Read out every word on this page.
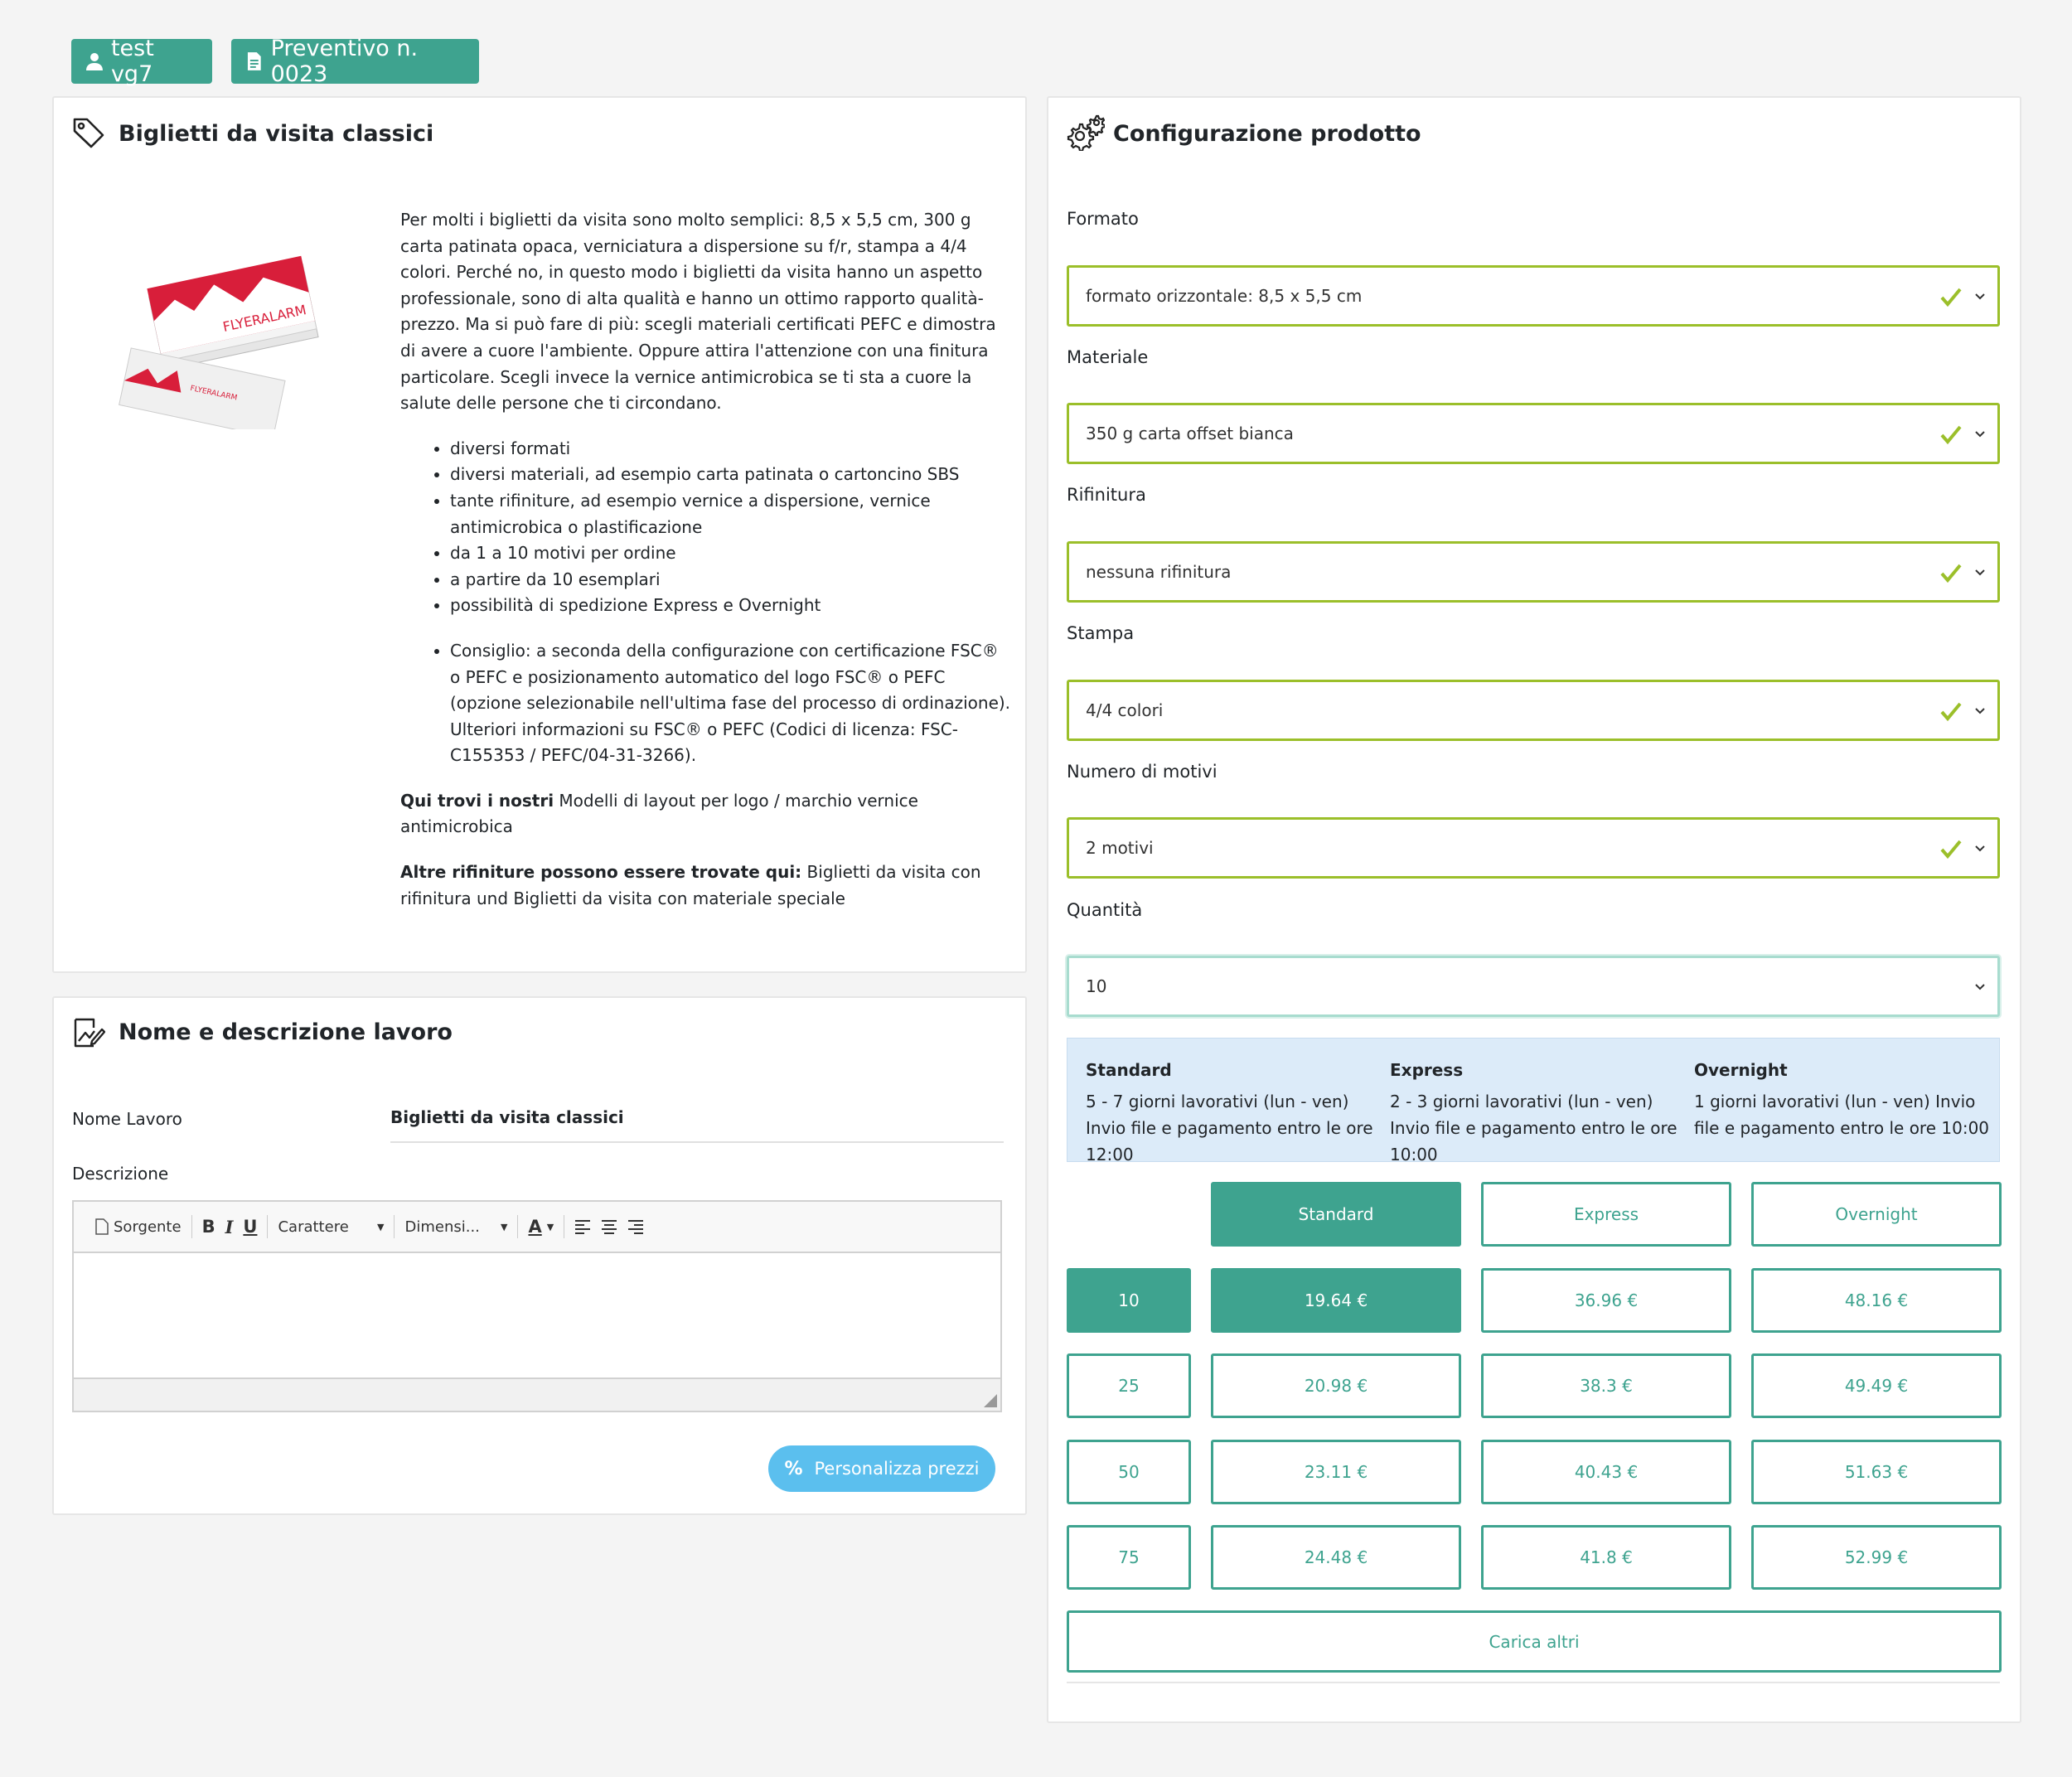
test vg7
Preventivo n. 0023
Biglietti da visita classici
FLYERALARM
FLYERALARM

Per molti i biglietti da visita sono molto semplici: 8,5 x 5,5 cm, 300 g carta patinata opaca, verniciatura a dispersione su f/r, stampa a 4/4 colori. Perché no, in questo modo i biglietti da visita hanno un aspetto professionale, sono di alta qualità e hanno un ottimo rapporto qualità-prezzo. Ma si può fare di più: scegli materiali certificati PEFC e dimostra di avere a cuore l'ambiente. Oppure attira l'attenzione con una finitura particolare. Scegli invece la vernice antimicrobica se ti sta a cuore la salute delle persone che ti circondano.

• diversi formati
• diversi materiali, ad esempio carta patinata o cartoncino SBS
• tante rifiniture, ad esempio vernice a dispersione, vernice antimicrobica o plastificazione
• da 1 a 10 motivi per ordine
• a partire da 10 esemplari
• possibilità di spedizione Express e Overnight
• Consiglio: a seconda della configurazione con certificazione FSC® o PEFC e posizionamento automatico del logo FSC® o PEFC (opzione selezionabile nell'ultima fase del processo di ordinazione). Ulteriori informazioni su FSC® o PEFC (Codici di licenza: FSC-C155353 / PEFC/04-31-3266).

Qui trovi i nostri Modelli di layout per logo / marchio vernice antimicrobica

Altre rifiniture possono essere trovate qui: Biglietti da visita con rifinitura und Biglietti da visita con materiale speciale

Nome e descrizione lavoro
Nome Lavoro	Biglietti da visita classici
Descrizione
Sorgente B I U	Carattere	▼ Dimensi... ▼ A ▼
% Personalizza prezzi
Configurazione prodotto
Formato
formato orizzontale: 8,5 x 5,5 cm
Materiale
350 g carta offset bianca
Rifinitura
nessuna rifinitura
Stampa
4/4 colori
Numero di motivi
2 motivi
Quantità
10
Standard
5 - 7 giorni lavorativi (lun - ven) Invio file e pagamento entro le ore 12:00
Express
2 - 3 giorni lavorativi (lun - ven) Invio file e pagamento entro le ore 10:00
Overnight
1 giorni lavorativi (lun - ven) Invio file e pagamento entro le ore 10:00
Standard	Express	Overnight
10	19.64 €	36.96 €	48.16 €
25	20.98 €	38.3 €	49.49 €
50	23.11 €	40.43 €	51.63 €
75	24.48 €	41.8 €	52.99 €
Carica altri
